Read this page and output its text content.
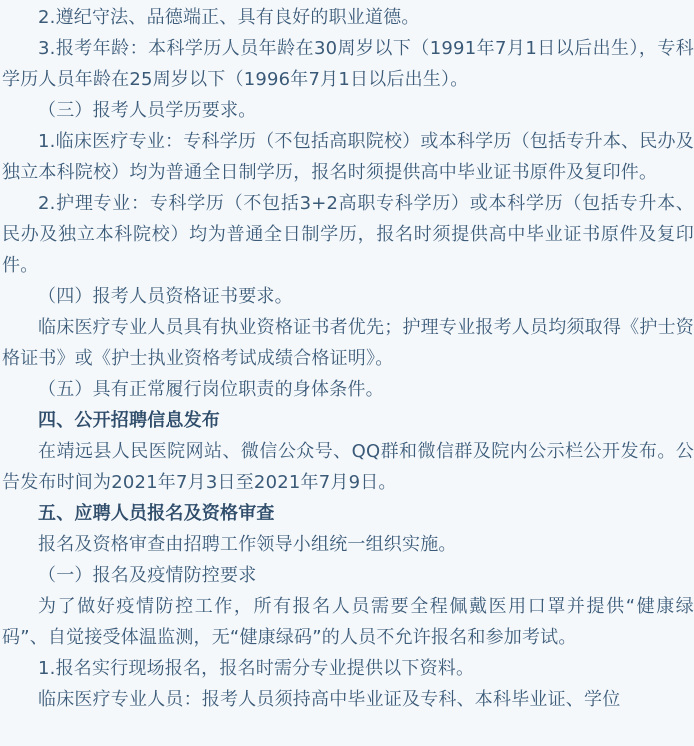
2.遵纪守法、品德端正、具有良好的职业道德。

3.报考年龄：本科学历人员年龄在30周岁以下（1991年7月1日以后出生），专科学历人员年龄在25周岁以下（1996年7月1日以后出生）。

（三）报考人员学历要求。

1.临床医疗专业：专科学历（不包括高职院校）或本科学历（包括专升本、民办及独立本科院校）均为普通全日制学历，报名时须提供高中毕业证书原件及复印件。

2.护理专业：专科学历（不包括3+2高职专科学历）或本科学历（包括专升本、民办及独立本科院校）均为普通全日制学历，报名时须提供高中毕业证书原件及复印件。

（四）报考人员资格证书要求。

临床医疗专业人员具有执业资格证书者优先；护理专业报考人员均须取得《护士资格证书》或《护士执业资格考试成绩合格证明》。

（五）具有正常履行岗位职责的身体条件。

四、公开招聘信息发布

在靖远县人民医院网站、微信公众号、QQ群和微信群及院内公示栏公开发布。公告发布时间为2021年7月3日至2021年7月9日。

五、应聘人员报名及资格审查

报名及资格审查由招聘工作领导小组统一组织实施。

（一）报名及疫情防控要求

为了做好疫情防控工作，所有报名人员需要全程佩戴医用口罩并提供“健康绿码”、自觉接受体温监测，无“健康绿码”的人员不允许报名和参加考试。

1.报名实行现场报名，报名时需分专业提供以下资料。

临床医疗专业人员：报考人员须持高中毕业证及专科、本科毕业证、学位
